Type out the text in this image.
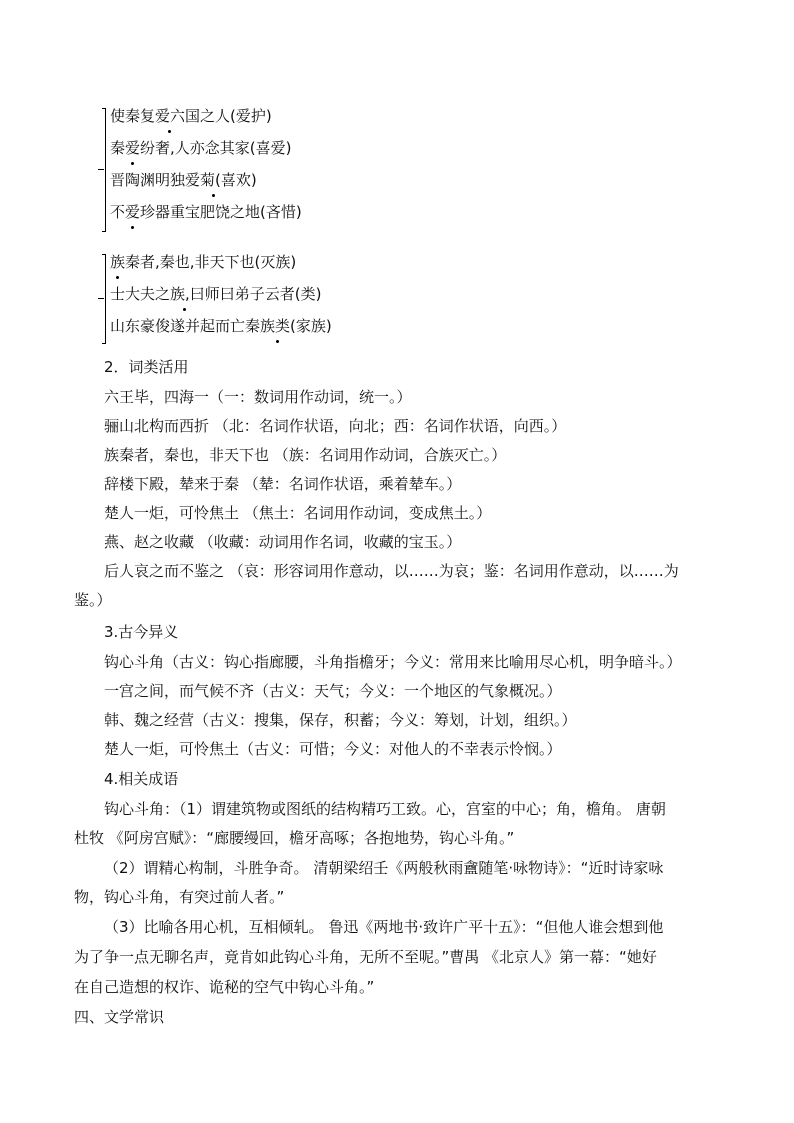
使秦复爱六国之人(爱护)
秦爱纷奢,人亦念其家(喜爱)
晋陶渊明独爱菊(喜欢)
不爱珍器重宝肥饶之地(吝惜)
族秦者,秦也,非天下也(灭族)
士大夫之族,曰师曰弟子云者(类)
山东豪俊遂并起而亡秦族类(家族)
2．词类活用
六王毕，四海一（一：数词用作动词，统一。）
骊山北构而西折 （北：名词作状语，向北；西：名词作状语，向西。）
族秦者，秦也，非天下也 （族：名词用作动词，合族灭亡。）
辞楼下殿，辇来于秦 （辇：名词作状语，乘着辇车。）
楚人一炬，可怜焦土 （焦土：名词用作动词，变成焦土。）
燕、赵之收藏 （收藏：动词用作名词，收藏的宝玉。）
后人哀之而不鉴之 （哀：形容词用作意动，以……为哀；鉴：名词用作意动，以……为
鉴。）
3.古今异义
钩心斗角（古义：钩心指廊腰，斗角指檐牙；今义：常用来比喻用尽心机，明争暗斗。）
一宫之间，而气候不齐（古义：天气；今义：一个地区的气象概况。）
韩、魏之经营（古义：搜集，保存，积蓄；今义：筹划，计划，组织。）
楚人一炬，可怜焦土（古义：可惜；今义：对他人的不幸表示怜悯。）
4.相关成语
钩心斗角：（1）谓建筑物或图纸的结构精巧工致。心，宫室的中心；角，檐角。 唐朝
杜牧 《阿房宫赋》：“廊腰缦回，檐牙高啄；各抱地势，钩心斗角。”
（2）谓精心构制，斗胜争奇。 清朝梁绍壬《两般秋雨盦随笔·咏物诗》：“近时诗家咏
物，钩心斗角，有突过前人者。”
（3）比喻各用心机，互相倾轧。 鲁迅《两地书·致许广平十五》：“但他人谁会想到他
为了争一点无聊名声，竟肯如此钩心斗角，无所不至呢。”曹禺 《北京人》第一幕：“她好
在自己造想的权诈、诡秘的空气中钩心斗角。”
四、文学常识
